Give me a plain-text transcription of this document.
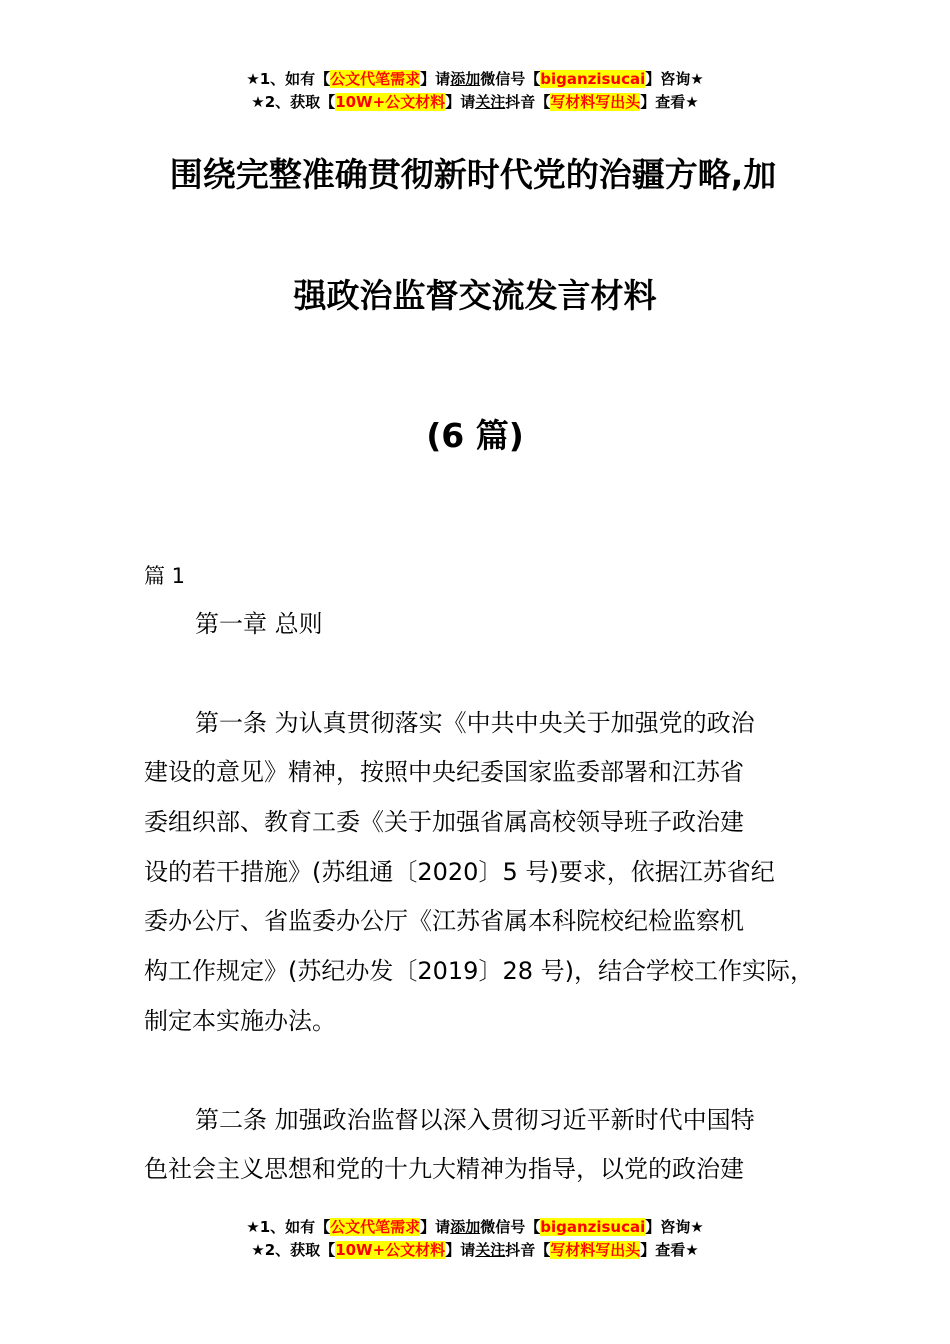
★1、如有【公文代笔需求】请添加微信号【biganzisucai】咨询★
★2、获取【10W+公文材料】请关注抖音【写材料写出头】查看★
围绕完整准确贯彻新时代党的治疆方略,加
强政治监督交流发言材料
(6 篇)
篇 1
第一章 总则
第一条 为认真贯彻落实《中共中央关于加强党的政治
建设的意见》精神，按照中央纪委国家监委部署和江苏省
委组织部、教育工委《关于加强省属高校领导班子政治建
设的若干措施》(苏组通〔2020〕5 号)要求，依据江苏省纪
委办公厅、省监委办公厅《江苏省属本科院校纪检监察机
构工作规定》(苏纪办发〔2019〕28 号)，结合学校工作实际，
制定本实施办法。
第二条 加强政治监督以深入贯彻习近平新时代中国特
色社会主义思想和党的十九大精神为指导，以党的政治建
★1、如有【公文代笔需求】请添加微信号【biganzisucai】咨询★
★2、获取【10W+公文材料】请关注抖音【写材料写出头】查看★
